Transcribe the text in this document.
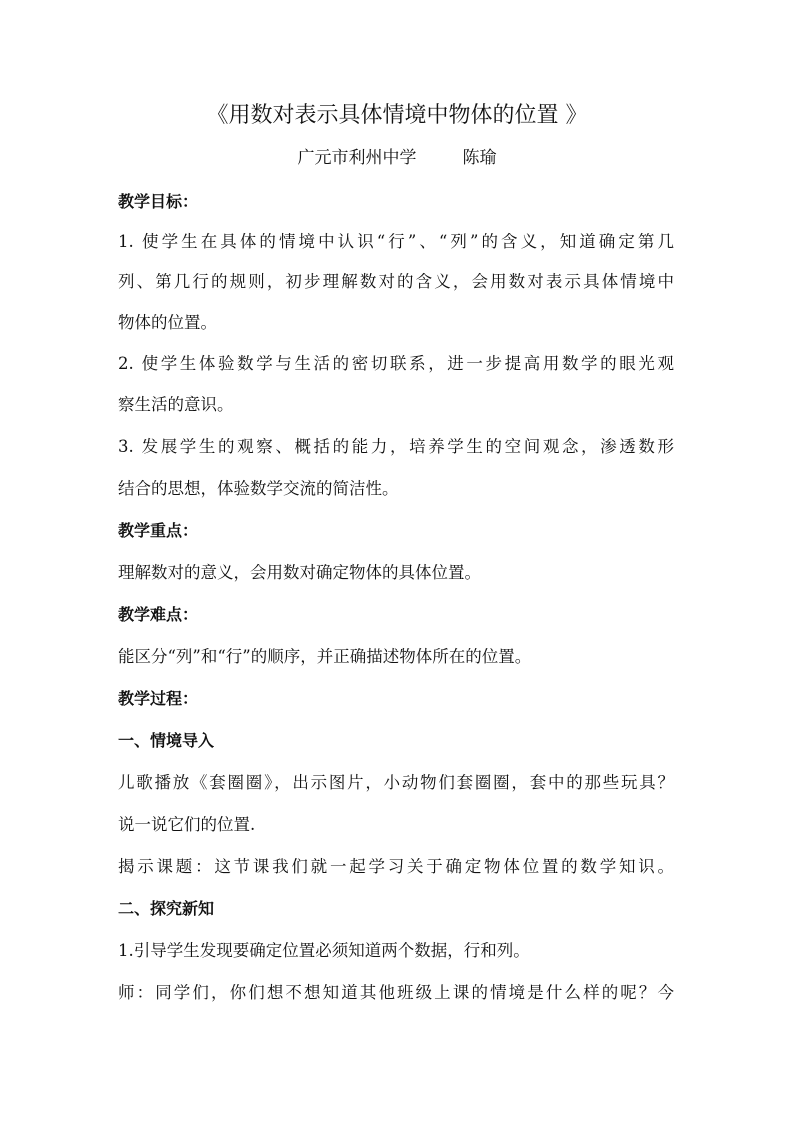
《用数对表示具体情境中物体的位置 》
广元市利州中学	陈瑜
教学目标：
1. 使学生在具体的情境中认识“行”、“列”的含义，知道确定第几
列、第几行的规则，初步理解数对的含义，会用数对表示具体情境中
物体的位置。
2. 使学生体验数学与生活的密切联系，进一步提高用数学的眼光观
察生活的意识。
3. 发展学生的观察、概括的能力，培养学生的空间观念，渗透数形
结合的思想，体验数学交流的简洁性。
教学重点：
理解数对的意义，会用数对确定物体的具体位置。
教学难点：
能区分“列”和“行”的顺序，并正确描述物体所在的位置。
教学过程：
一、情境导入
儿歌播放《套圈圈》，出示图片，小动物们套圈圈，套中的那些玩具？
说一说它们的位置.
揭示课题：这节课我们就一起学习关于确定物体位置的数学知识。
二、探究新知
1.引导学生发现要确定位置必须知道两个数据，行和列。
师：同学们，你们想不想知道其他班级上课的情境是什么样的呢？今
